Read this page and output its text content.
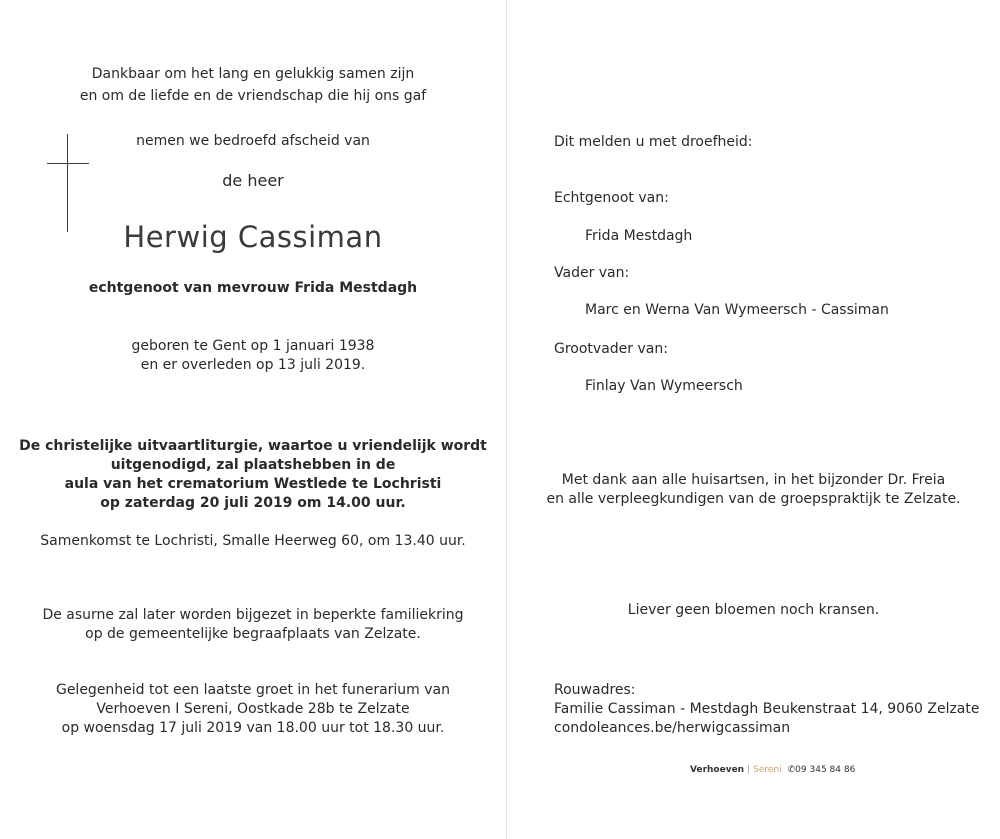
Dankbaar om het lang en gelukkig samen zijn
en om de liefde en de vriendschap die hij ons gaf
nemen we bedroefd afscheid van
de heer
Herwig Cassiman
echtgenoot van mevrouw Frida Mestdagh
geboren te Gent op 1 januari 1938
en er overleden op 13 juli 2019.
De christelijke uitvaartliturgie, waartoe u vriendelijk wordt
uitgenodigd, zal plaatshebben in de
aula van het crematorium Westlede te Lochristi
op zaterdag 20 juli 2019 om 14.00 uur.
Samenkomst te Lochristi, Smalle Heerweg 60, om 13.40 uur.
De asurne zal later worden bijgezet in beperkte familiekring
op de gemeentelijke begraafplaats van Zelzate.
Gelegenheid tot een laatste groet in het funerarium van
Verhoeven I Sereni, Oostkade 28b te Zelzate
op woensdag 17 juli 2019 van 18.00 uur tot 18.30 uur.
Dit melden u met droefheid:
Echtgenoot van:
Frida Mestdagh
Vader van:
Marc en Werna Van Wymeersch - Cassiman
Grootvader van:
Finlay Van Wymeersch
Met dank aan alle huisartsen, in het bijzonder Dr. Freia
en alle verpleegkundigen van de groepspraktijk te Zelzate.
Liever geen bloemen noch kransen.
Rouwadres:
Familie Cassiman - Mestdagh Beukenstraat 14, 9060 Zelzate
condoleances.be/herwigcassiman
Verhoeven | Sereni ✆09 345 84 86
